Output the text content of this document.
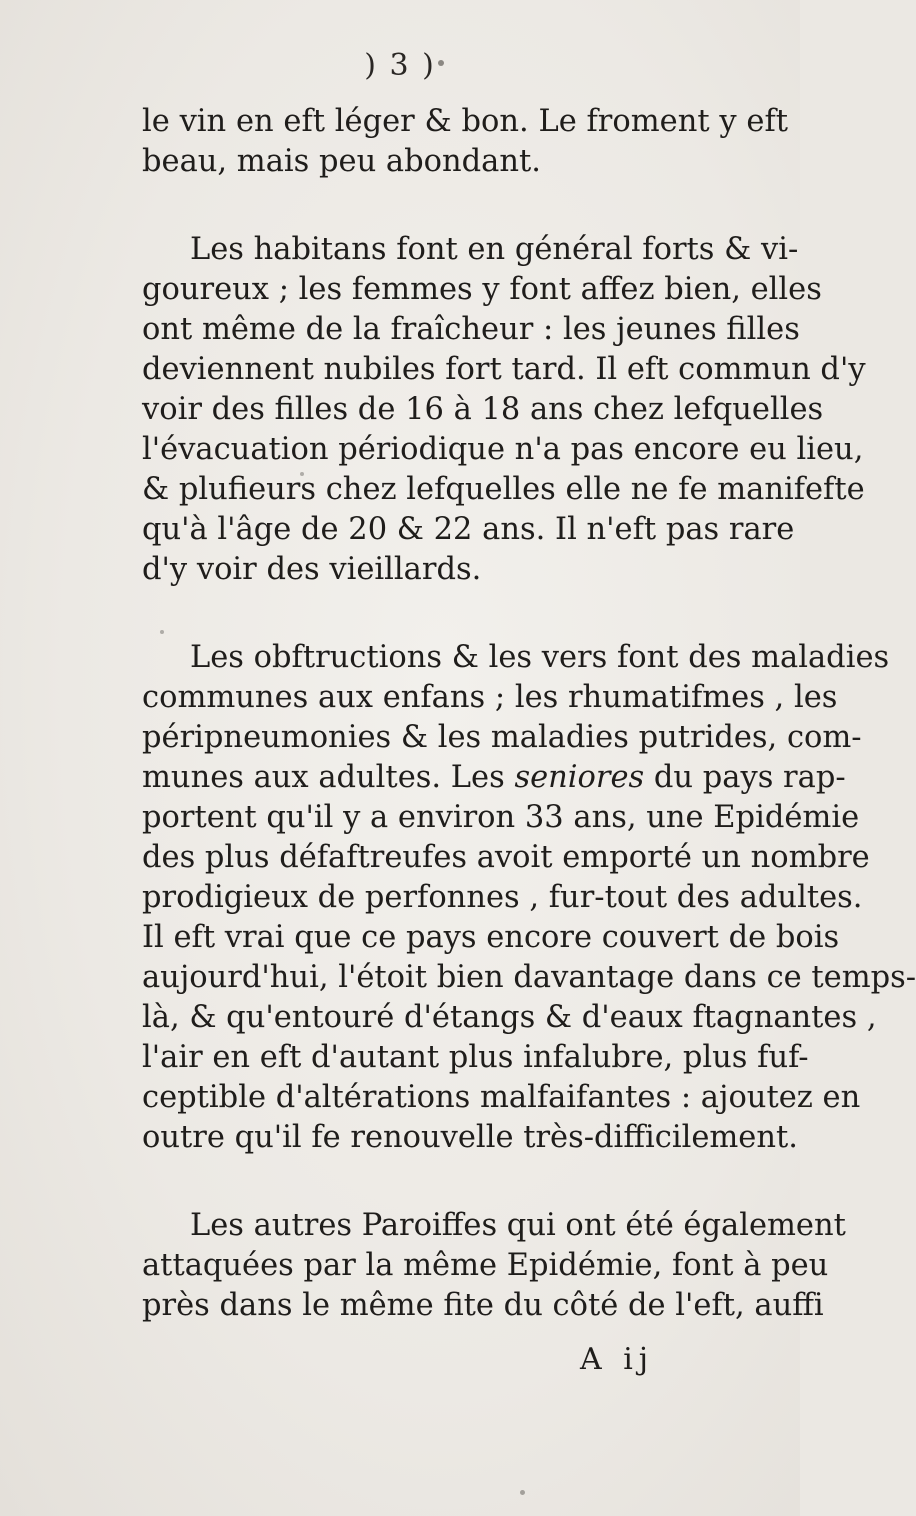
) 3 )
le vin en eft léger & bon. Le froment y eft
beau, mais peu abondant.
Les habitans font en général forts & vi-
goureux ; les femmes y font affez bien, elles
ont même de la fraîcheur : les jeunes filles
deviennent nubiles fort tard. Il eft commun d'y
voir des filles de 16 à 18 ans chez lefquelles
l'évacuation périodique n'a pas encore eu lieu,
& plufieurs chez lefquelles elle ne fe manifefte
qu'à l'âge de 20 & 22 ans. Il n'eft pas rare
d'y voir des vieillards.
Les obftructions & les vers font des maladies
communes aux enfans ; les rhumatifmes , les
péripneumonies & les maladies putrides, com-
munes aux adultes. Les seniores du pays rap-
portent qu'il y a environ 33 ans, une Epidémie
des plus défaftreufes avoit emporté un nombre
prodigieux de perfonnes , fur-tout des adultes.
Il eft vrai que ce pays encore couvert de bois
aujourd'hui, l'étoit bien davantage dans ce temps-
là, & qu'entouré d'étangs & d'eaux ftagnantes ,
l'air en eft d'autant plus infalubre, plus fuf-
ceptible d'altérations malfaifantes : ajoutez en
outre qu'il fe renouvelle très-difficilement.
Les autres Paroiffes qui ont été également
attaquées par la même Epidémie, font à peu
près dans le même fite du côté de l'eft, auffi
A ij
